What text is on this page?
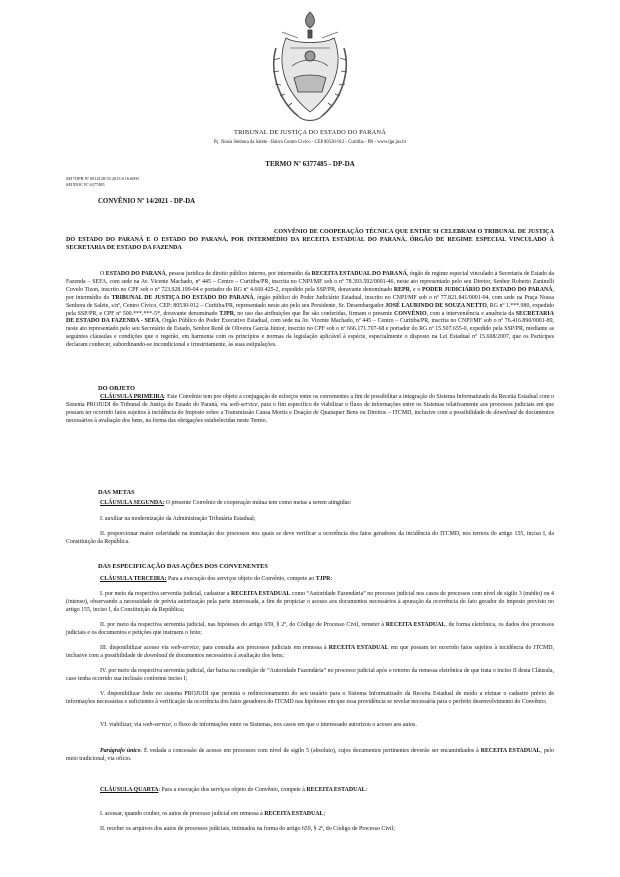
TRIBUNAL DE JUSTIÇA DO ESTADO DO PARANÁ
Pç. Nossa Senhora da Salete - Bairro Centro Cívico - CEP 80530-912 - Curitiba - PR - www.tjpr.jus.br
TERMO Nº 6377485 - DP-DA
SEI!TJPR Nº 0014128-55.2015.8.16.6000
SEI!DOC Nº 6377485
CONVÊNIO Nº 14/2021 - DP-DA
CONVÊNIO DE COOPERAÇÃO TÉCNICA QUE ENTRE SI CELEBRAM O TRIBUNAL DE JUSTIÇA DO ESTADO DO PARANÁ E O ESTADO DO PARANÁ, POR INTERMÉDIO DA RECEITA ESTADUAL DO PARANÁ, ÓRGÃO DE REGIME ESPECIAL VINCULADO À SECRETARIA DE ESTADO DA FAZENDA

O ESTADO DO PARANÁ, pessoa jurídica de direito público interno, por intermédio da RECEITA ESTADUAL DO PARANÁ, órgão de regime especial vinculado à Secretaria de Estado da Fazenda – SEFA, com sede na Av. Vicente Machado, nº 445 – Centro – Curitiba/PR, inscrita no CNPJ/MF sob o nº 78.393.592/0001-46, neste ato representado pelo seu Diretor, Senhor Roberto Zaninelli Covelo Tizon, inscrito no CPF sob o nº 723.928.199-04 e portador do RG nº 4.669.425-2, expedido pela SSP/PR, doravante denominado REPR, e o PODER JUDICIÁRIO DO ESTADO DO PARANÁ, por intermédio do TRIBUNAL DE JUSTIÇA DO ESTADO DO PARANÁ, órgão público do Poder Judiciário Estadual, inscrito no CNPJ/MF sob o nº 77.821.841/0001-94, com sede na Praça Nossa Senhora de Salete, s/nº, Centro Cívico, CEP: 80530-912 – Curitiba/PR, representado neste ato pelo seu Presidente, Sr. Desembargador JOSÉ LAURINDO DE SOUZA NETTO, RG nº 1.***.980, expedido pela SSP/PR, e CPF nº 500.***.***-5*, doravante denominado TJPR, no uso das atribuições que lhe são conferidas, firmam o presente CONVÊNIO, com a interveniência e anuência da SECRETARIA DE ESTADO DA FAZENDA - SEFA, Órgão Público do Poder Executivo Estadual, com sede na Av. Vicente Machado, nº 445 – Centro – Curitiba/PR, inscrita no CNPJ/MF sob o nº 76.416.890/0001-89, neste ato representado pelo seu Secretário de Estado, Senhor Renê de Oliveira Garcia Júnior, inscrito no CPF sob o nº 666.171.707-68 e portador do RG nº 15.507.655-0, expedido pela SSP/PR, mediante as seguintes cláusulas e condições que o regerão, em harmonia com os princípios e normas da legislação aplicável à espécie, especialmente o disposto na Lei Estadual nº 15.608/2007, que os Partícipes declaram conhecer, subordinando-se incondicional e irrestritamente, às suas estipulações.

DO OBJETO

CLÁUSULA PRIMEIRA: Este Convênio tem por objeto a conjugação de esforços entre os convenentes a fim de possibilitar a integração do Sistema Informatizado da Receita Estadual com o Sistema PROJUDI do Tribunal de Justiça do Estado do Paraná, via web-service, para o fim específico de viabilizar o fluxo de informações entre os Sistemas relativamente aos processos judiciais em que possam ter ocorrido fatos sujeitos à incidência do Imposto sobre a Transmissão Causa Mortis e Doação de Quaisquer Bens ou Direitos – ITCMD, inclusive com a possibilidade de download de documentos necessários à avaliação dos bens, na forma das obrigações estabelecidas neste Termo.

DAS METAS

CLÁUSULA SEGUNDA: O presente Convênio de cooperação mútua tem como metas a serem atingidas:

I. auxiliar na modernização da Administração Tributária Estadual;

II. proporcionar maior celeridade na tramitação dos processos nos quais se deve verificar a ocorrência dos fatos geradores da incidência do ITCMD, nos termos do artigo 155, inciso I, da Constituição da República.

DAS ESPECIFICAÇÃO DAS AÇÕES DOS CONVENENTES

CLÁUSULA TERCEIRA: Para a execução dos serviços objeto do Convênio, compete ao TJPR:

I. por meio da respectiva serventia judicial, cadastrar a RECEITA ESTADUAL como “Autoridade Fazendária” no processo judicial nos casos de processos com nível de sigilo 3 (médio) ou 4 (intenso), observando a necessidade de prévia autorização pela parte interessada, a fim de propiciar o acesso aos documentos necessários à apuração da ocorrência do fato gerador do imposto previsto no artigo 155, inciso I, da Constituição da República;

II. por meio da respectiva serventia judicial, nas hipóteses do artigo 659, § 2º, do Código de Processo Civil, remeter à RECEITA ESTADUAL, de forma eletrônica, os dados dos processos judiciais e os documentos e petições que instruem o feito;

III. disponibilizar acesso via web-service, para consulta aos processos judiciais em remessa à RECEITA ESTADUAL em que possam ter ocorrido fatos sujeitos à incidência do ITCMD, inclusive com a possibilidade de download de documentos necessários à avaliação dos bens;

IV. por meio da respectiva serventia judicial, dar baixa na condição de “Autoridade Fazendária” no processo judicial após o retorno da remessa eletrônica de que trata o inciso II desta Cláusula, caso tenha ocorrido sua inclusão conforme inciso I;

V. disponibilizar links no sistema PROJUDI que permita o redirecionamento do seu usuário para o Sistema Informatizado da Receita Estadual de modo a efetuar o cadastro prévio de informações necessárias e suficientes à verificação da ocorrência dos fatos geradores do ITCMD nas hipóteses em que essa providência se revelar necessária para o perfeito desenvolvimento do Convênio;

VI. viabilizar, via web-service, o fluxo de informações entre os Sistemas, nos casos em que o interessado autorizou o acesso aos autos.

Parágrafo único. É vedada a concessão de acesso em processos com nível de sigilo 5 (absoluto), cujos documentos pertinentes deverão ser encaminhados à RECEITA ESTADUAL, pelo meio tradicional, via ofício.

CLÁUSULA QUARTA: Para a execução dos serviços objeto do Convênio, compete à RECEITA ESTADUAL:

I. acessar, quando couber, os autos de processo judicial em remessa à RECEITA ESTADUAL;

II. receber os arquivos dos autos de processos judiciais, intimados na forma do artigo 659, § 2º, do Código de Processo Civil;
